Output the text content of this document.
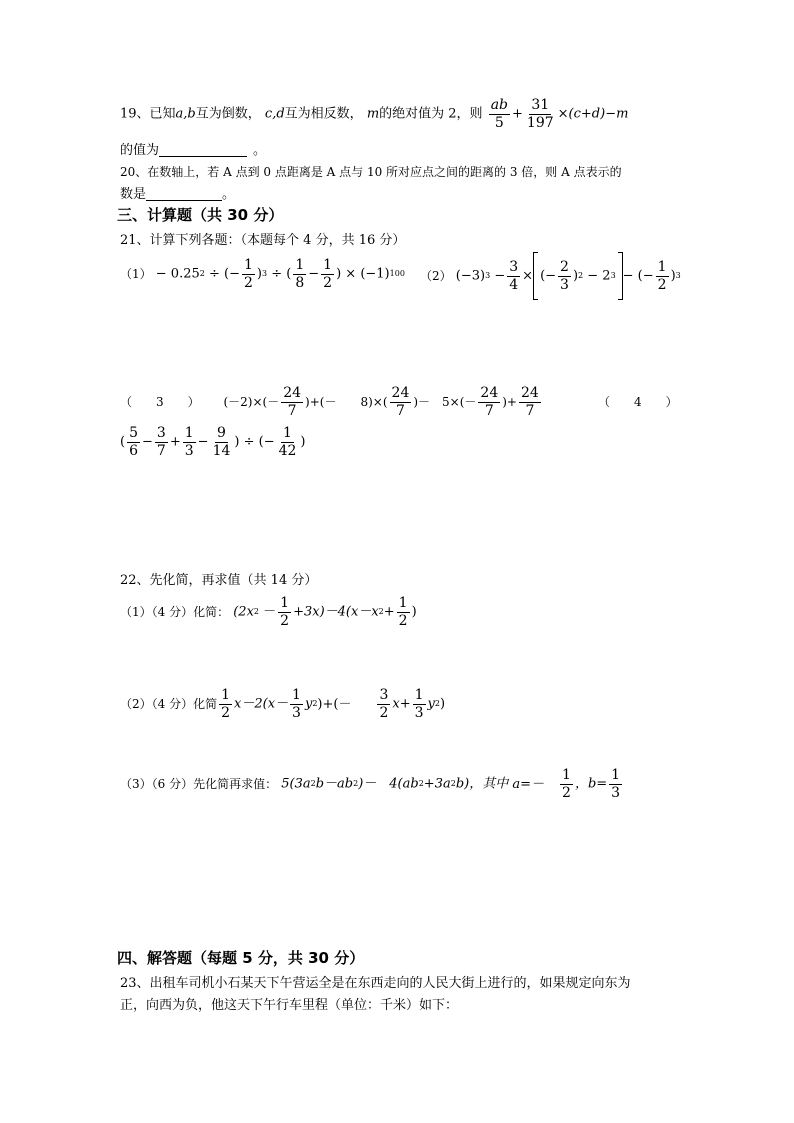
19、已知a,b互为倒数， c,d互为相反数， m的绝对值为 2，则 $\frac{ab}{5} + \frac{31}{197} \times(c+d)-m$
的值为	。
20、在数轴上，若 A 点到 0 点距离是 A 点与 10 所对应点之间的距离的 3 倍，则 A 点表示的
数是	。
三、计算题（共 30 分）
21、计算下列各题：（本题每个 4 分，共 16 分）
（1） − 0.252 ÷ (− $\frac{1}{2} )3$ ÷ ( $\frac{1}{8} - \frac{1}{2}$ ) × (−1)100 （2） $(-3)3 - \frac{3}{4}$ × (− $\frac{2}{3} )2 - 23$ − (− $\frac{1}{2} )3$
（　　3　　） $(-2)\times(- \frac{24}{7}$ )+(－　　$8)\times( \frac{24}{7}$ )－　$5\times(- \frac{24}{7}$ )+ $\frac{24}{7}$	（　　4　　）
( $\frac{5}{6} - \frac{3}{7} + \frac{1}{3} - \frac{9}{14}$ ) ÷ (− $\frac{1}{42}$ )
22、先化简，再求值（共 14 分）
（1）（4 分）化简： $(2x2 - \frac{1}{2} +3x)-4(x-x2+ \frac{1}{2}$ )
（2）（4 分）化简 $\frac{1}{2} x-2(x- \frac{1}{3} y2)+(- \frac{3}{2} x+ \frac{1}{3} y2)$
（3）（6 分）先化简再求值： 5(3a2b－ab2)－　4(ab2+3a2b)，其中 $a=- \frac{1}{2}$ ，$b= \frac{1}{3}$
四、解答题（每题 5 分，共 30 分）
23、出租车司机小石某天下午营运全是在东西走向的人民大街上进行的，如果规定向东为
正，向西为负，他这天下午行车里程（单位：千米）如下：
